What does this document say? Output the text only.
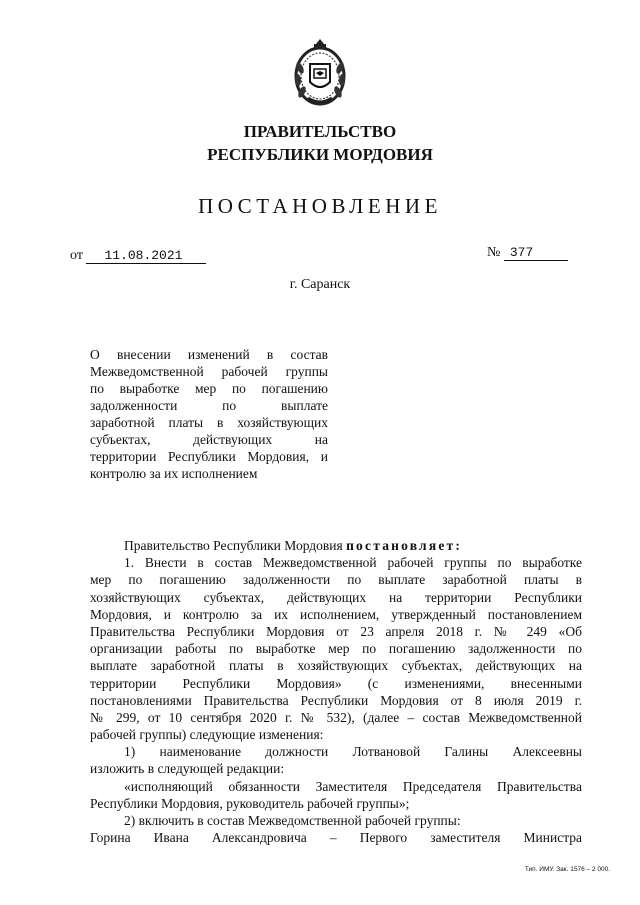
ПРАВИТЕЛЬСТВО
РЕСПУБЛИКИ МОРДОВИЯ
ПОСТАНОВЛЕНИЕ
от 11.08.2021	№ 377
г. Саранск
О внесении изменений в состав
Межведомственной рабочей группы
по выработке мер по погашению
задолженности по выплате
заработной платы в хозяйствующих
субъектах, действующих на
территории Республики Мордовия, и
контролю за их исполнением
Правительство Республики Мордовия постановляет:
1. Внести в состав Межведомственной рабочей группы по выработке
мер по погашению задолженности по выплате заработной платы в
хозяйствующих субъектах, действующих на территории Республики
Мордовия, и контролю за их исполнением, утвержденный постановлением
Правительства Республики Мордовия от 23 апреля 2018 г. № 249 «Об
организации работы по выработке мер по погашению задолженности по
выплате заработной платы в хозяйствующих субъектах, действующих на
территории Республики Мордовия» (с изменениями, внесенными
постановлениями Правительства Республики Мордовия от 8 июля 2019 г.
№ 299, от 10 сентября 2020 г. № 532), (далее – состав Межведомственной
рабочей группы) следующие изменения:
1) наименование должности Лотвановой Галины Алексеевны
изложить в следующей редакции:
«исполняющий обязанности Заместителя Председателя Правительства
Республики Мордовия, руководитель рабочей группы»;
2) включить в состав Межведомственной рабочей группы:
Горина Ивана Александровича – Первого заместителя Министра
Тип. ИМУ. Зак. 1576 – 2 000.
